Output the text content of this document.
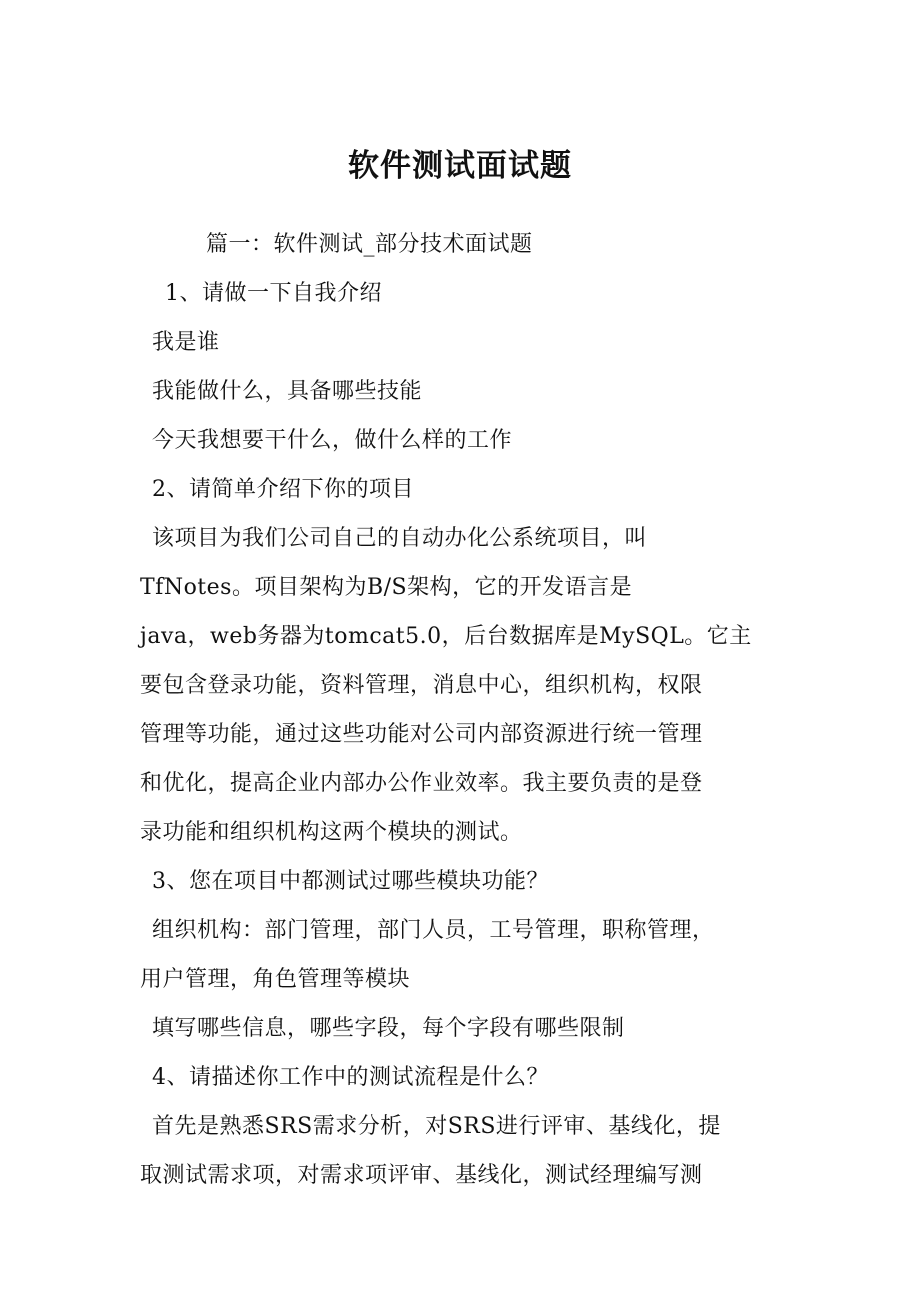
软件测试面试题
篇一：软件测试_部分技术面试题
1、请做一下自我介绍
我是谁
我能做什么，具备哪些技能
今天我想要干什么，做什么样的工作
2、请简单介绍下你的项目
该项目为我们公司自己的自动办化公系统项目，叫
TfNotes。项目架构为B/S架构，它的开发语言是
java，web务器为tomcat5.0，后台数据库是MySQL。它主
要包含登录功能，资料管理，消息中心，组织机构，权限
管理等功能，通过这些功能对公司内部资源进行统一管理
和优化，提高企业内部办公作业效率。我主要负责的是登
录功能和组织机构这两个模块的测试。
3、您在项目中都测试过哪些模块功能？
组织机构：部门管理，部门人员，工号管理，职称管理，
用户管理，角色管理等模块
填写哪些信息，哪些字段，每个字段有哪些限制
4、请描述你工作中的测试流程是什么？
首先是熟悉SRS需求分析，对SRS进行评审、基线化，提
取测试需求项，对需求项评审、基线化，测试经理编写测
